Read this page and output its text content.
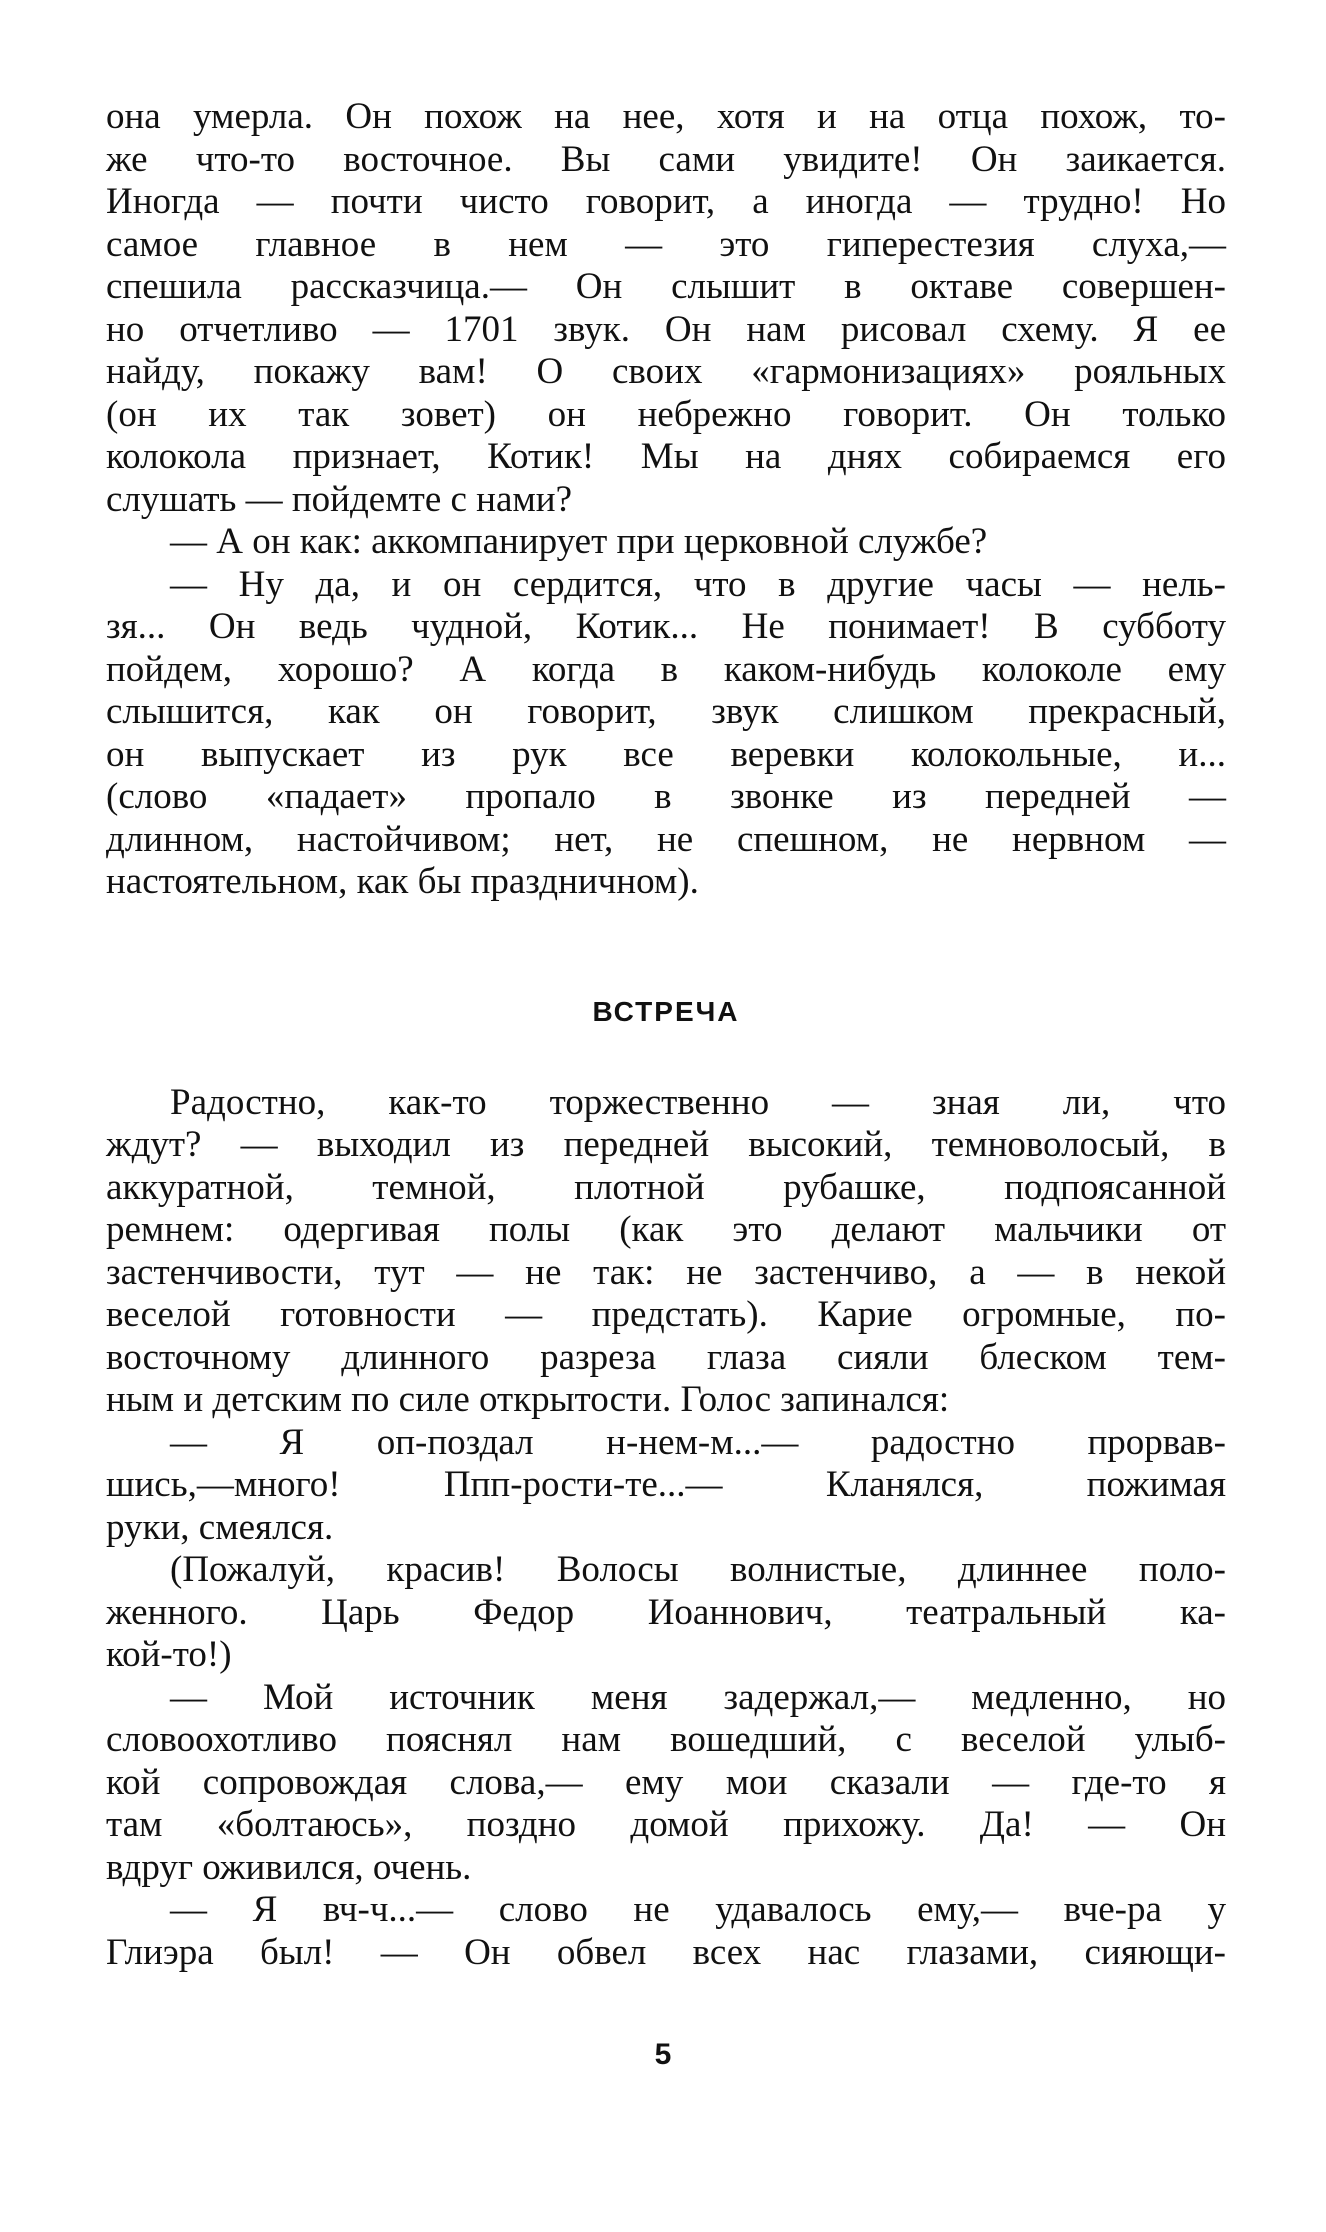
она умерла. Он похож на нее, хотя и на отца похож, то-
же что-то восточное. Вы сами увидите! Он заикается.
Иногда — почти чисто говорит, а иногда — трудно! Но
самое главное в нем — это гиперестезия слуха,—
спешила рассказчица.— Он слышит в октаве совершен-
но отчетливо — 1701 звук. Он нам рисовал схему. Я ее
найду, покажу вам! О своих «гармонизациях» рояльных
(он их так зовет) он небрежно говорит. Он только
колокола признает, Котик! Мы на днях собираемся его
слушать — пойдемте с нами?
— А он как: аккомпанирует при церковной службе?
— Ну да, и он сердится, что в другие часы — нель-
зя... Он ведь чудной, Котик... Не понимает! В субботу
пойдем, хорошо? А когда в каком-нибудь колоколе ему
слышится, как он говорит, звук слишком прекрасный,
он выпускает из рук все веревки колокольные, и...
(слово «падает» пропало в звонке из передней —
длинном, настойчивом; нет, не спешном, не нервном —
настоятельном, как бы праздничном).
ВСТРЕЧА
Радостно, как-то торжественно — зная ли, что
ждут? — выходил из передней высокий, темноволосый, в
аккуратной, темной, плотной рубашке, подпоясанной
ремнем: одергивая полы (как это делают мальчики от
застенчивости, тут — не так: не застенчиво, а — в некой
веселой готовности — предстать). Карие огромные, по-
восточному длинного разреза глаза сияли блеском тем-
ным и детским по силе открытости. Голос запинался:
— Я оп-поздал н-нем-м...— радостно прорвав-
шись,—много! Ппп-рости-те...— Кланялся, пожимая
руки, смеялся.
(Пожалуй, красив! Волосы волнистые, длиннее поло-
женного. Царь Федор Иоаннович, театральный ка-
кой-то!)
— Мой источник меня задержал,— медленно, но
словоохотливо пояснял нам вошедший, с веселой улыб-
кой сопровождая слова,— ему мои сказали — где-то я
там «болтаюсь», поздно домой прихожу. Да! — Он
вдруг оживился, очень.
— Я вч-ч...— слово не удавалось ему,— вче-ра у
Глиэра был! — Он обвел всех нас глазами, сияющи-
5
